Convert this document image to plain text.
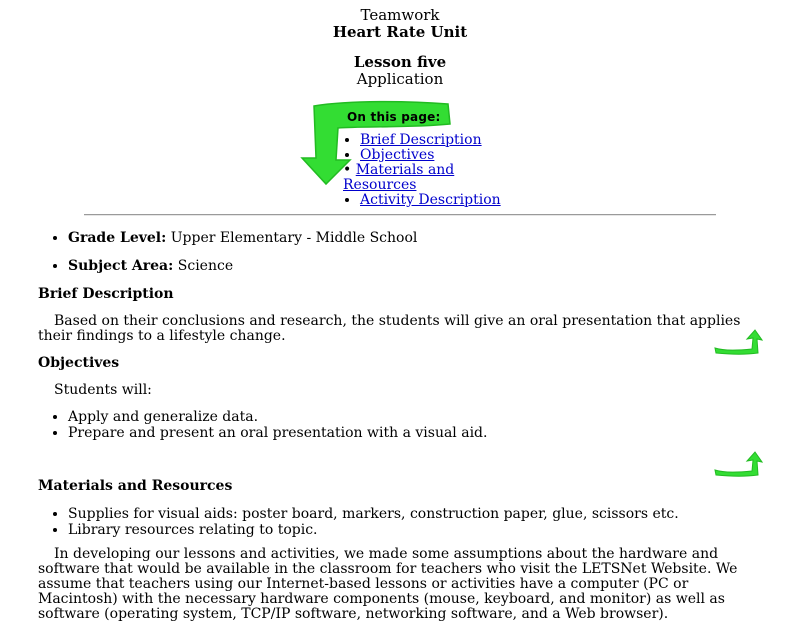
Teamwork
Heart Rate Unit
Lesson five
Application
On this page:
• Brief Description
• Objectives
• Materials and Resources
• Activity Description
• Grade Level: Upper Elementary - Middle School
• Subject Area: Science
Brief Description

Based on their conclusions and research, the students will give an oral presentation that applies their findings to a lifestyle change.

Objectives

Students will:

• Apply and generalize data.
• Prepare and present an oral presentation with a visual aid.
Materials and Resources
• Supplies for visual aids: poster board, markers, construction paper, glue, scissors etc.
• Library resources relating to topic.

In developing our lessons and activities, we made some assumptions about the hardware and software that would be available in the classroom for teachers who visit the LETSNet Website. We assume that teachers using our Internet-based lessons or activities have a computer (PC or Macintosh) with the necessary hardware components (mouse, keyboard, and monitor) as well as software (operating system, TCP/IP software, networking software, and a Web browser).
